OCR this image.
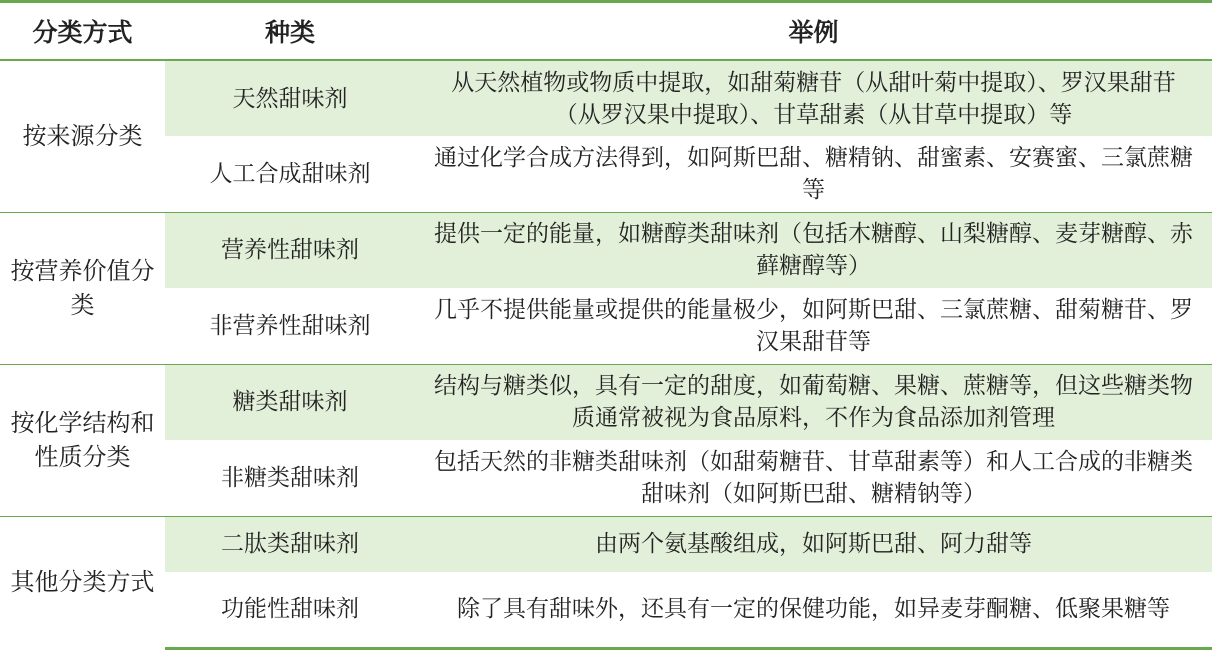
分类方式	种类	举例
按来源分类	天然甜味剂	从天然植物或物质中提取，如甜菊糖苷（从甜叶菊中提取）、罗汉果甜苷（从罗汉果中提取）、甘草甜素（从甘草中提取）等
	人工合成甜味剂	通过化学合成方法得到，如阿斯巴甜、糖精钠、甜蜜素、安赛蜜、三氯蔗糖等
按营养价值分类	营养性甜味剂	提供一定的能量，如糖醇类甜味剂（包括木糖醇、山梨糖醇、麦芽糖醇、赤藓糖醇等）
	非营养性甜味剂	几乎不提供能量或提供的能量极少，如阿斯巴甜、三氯蔗糖、甜菊糖苷、罗汉果甜苷等
按化学结构和性质分类	糖类甜味剂	结构与糖类似，具有一定的甜度，如葡萄糖、果糖、蔗糖等，但这些糖类物质通常被视为食品原料，不作为食品添加剂管理
	非糖类甜味剂	包括天然的非糖类甜味剂（如甜菊糖苷、甘草甜素等）和人工合成的非糖类甜味剂（如阿斯巴甜、糖精钠等）
其他分类方式	二肽类甜味剂	由两个氨基酸组成，如阿斯巴甜、阿力甜等
	功能性甜味剂	除了具有甜味外，还具有一定的保健功能，如异麦芽酮糖、低聚果糖等
